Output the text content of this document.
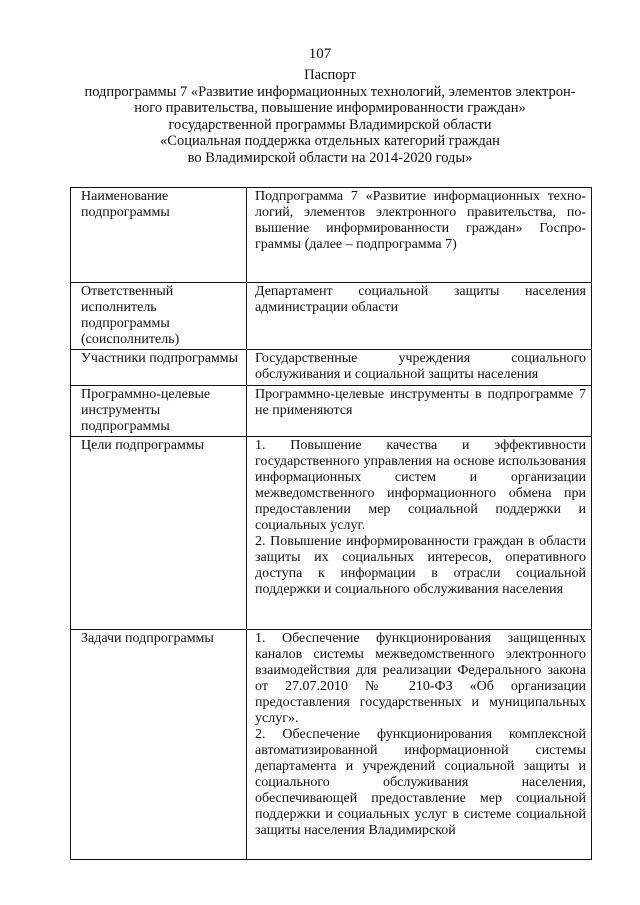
107
Паспорт
подпрограммы 7 «Развитие информационных технологий, элементов электрон-
ного правительства, повышение информированности граждан»
государственной программы Владимирской области
«Социальная поддержка отдельных категорий граждан
во Владимирской области на 2014-2020 годы»
Наименование подпрограммы	Подпрограмма 7 «Развитие информационных техно-логий, элементов электронного правительства, по-вышение информированности граждан» Госпро-граммы (далее – подпрограмма 7)

Ответственный исполнитель подпрограммы (соисполнитель)	Департамент социальной защиты населения администрации области

Участники подпрограммы	Государственные учреждения социального обслуживания и социальной защиты населения

Программно-целевые инструменты подпрограммы	Программно-целевые инструменты в подпрограмме 7 не применяются

Цели подпрограммы	1. Повышение качества и эффективности государственного управления на основе использования информационных систем и организации межведомственного информационного обмена при предоставлении мер социальной поддержки и социальных услуг.
2. Повышение информированности граждан в области защиты их социальных интересов, оперативного доступа к информации в отрасли социальной поддержки и социального обслуживания населения

Задачи подпрограммы	1. Обеспечение функционирования защищенных каналов системы межведомственного электронного взаимодействия для реализации Федерального закона от 27.07.2010 № 210-ФЗ «Об организации предоставления государственных и муниципальных услуг».
2. Обеспечение функционирования комплексной автоматизированной информационной системы департамента и учреждений социальной защиты и социального обслуживания населения, обеспечивающей предоставление мер социальной поддержки и социальных услуг в системе социальной защиты населения Владимирской
